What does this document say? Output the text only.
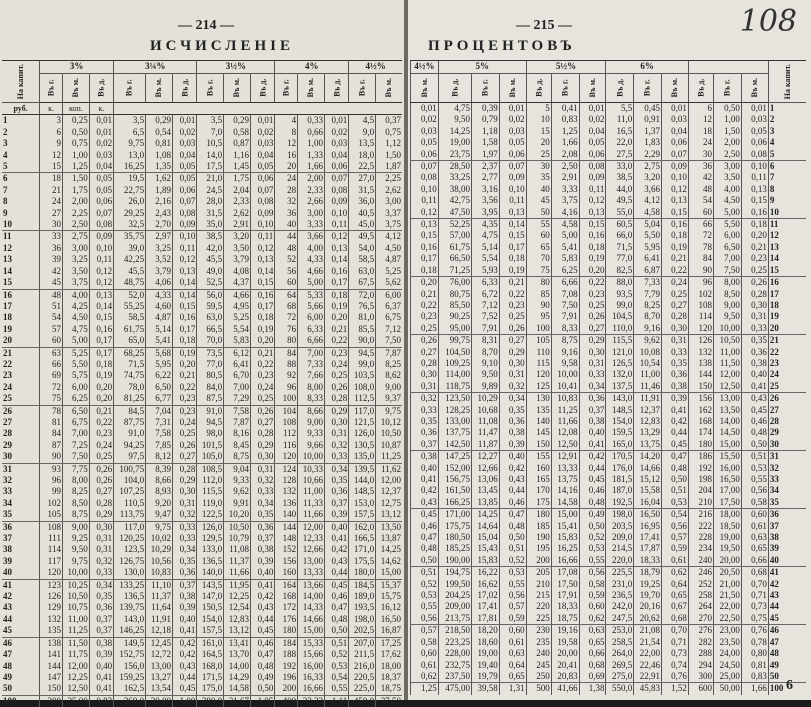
— 214 —
ИСЧИСЛЕНІЕ
На капит.	3%			3¼%			3½%			4%			4½%	
	Въ г.	Въ м.	Въ д.	Въ г.	Въ м.	Въ д.	Въ г.	Въ м.	Въ д.	Въ г.	Въ м.	Въ д.	Въ г.	Въ м.
руб.	к.	коп.	к.											
1	3	0,25	0,01	3,5	0,29	0,01	3,5	0,29	0,01	4	0,33	0,01	4,5	0,37
2	6	0,50	0,01	6,5	0,54	0,02	7,0	0,58	0,02	8	0,66	0,02	9,0	0,75
3	9	0,75	0,02	9,75	0,81	0,03	10,5	0,87	0,03	12	1,00	0,03	13,5	1,12
4	12	1,00	0,03	13,0	1,08	0,04	14,0	1,16	0,04	16	1,33	0,04	18,0	1,50
5	15	1,25	0,04	16,25	1,35	0,05	17,5	1,45	0,05	20	1,66	0,06	22,5	1,87
6	18	1,50	0,05	19,5	1,62	0,05	21,0	1,75	0,06	24	2,00	0,07	27,0	2,25
7	21	1,75	0,05	22,75	1,89	0,06	24,5	2,04	0,07	28	2,33	0,08	31,5	2,62
8	24	2,00	0,06	26,0	2,16	0,07	28,0	2,33	0,08	32	2,66	0,09	36,0	3,00
9	27	2,25	0,07	29,25	2,43	0,08	31,5	2,62	0,09	36	3,00	0,10	40,5	3,37
10	30	2,50	0,08	32,5	2,70	0,09	35,0	2,91	0,10	40	3,33	0,11	45,0	3,75
11	33	2,75	0,09	35,75	2,97	0,10	38,5	3,20	0,11	44	3,66	0,12	49,5	4,12
12	36	3,00	0,10	39,0	3,25	0,11	42,0	3,50	0,12	48	4,00	0,13	54,0	4,50
13	39	3,25	0,11	42,25	3,52	0,12	45,5	3,79	0,13	52	4,33	0,14	58,5	4,87
14	42	3,50	0,12	45,5	3,79	0,13	49,0	4,08	0,14	56	4,66	0,16	63,0	5,25
15	45	3,75	0,12	48,75	4,06	0,14	52,5	4,37	0,15	60	5,00	0,17	67,5	5,62
16	48	4,00	0,13	52,0	4,33	0,14	56,0	4,66	0,16	64	5,33	0,18	72,0	6,00
17	51	4,25	0,14	55,25	4,60	0,15	59,5	4,95	0,17	68	5,66	0,19	76,5	6,37
18	54	4,50	0,15	58,5	4,87	0,16	63,0	5,25	0,18	72	6,00	0,20	81,0	6,75
19	57	4,75	0,16	61,75	5,14	0,17	66,5	5,54	0,19	76	6,33	0,21	85,5	7,12
20	60	5,00	0,17	65,0	5,41	0,18	70,0	5,83	0,20	80	6,66	0,22	90,0	7,50
21	63	5,25	0,17	68,25	5,68	0,19	73,5	6,12	0,21	84	7,00	0,23	94,5	7,87
22	66	5,50	0,18	71,5	5,95	0,20	77,0	6,41	0,22	88	7,33	0,24	99,0	8,25
23	69	5,75	0,19	74,75	6,22	0,21	80,5	6,70	0,23	92	7,66	0,25	103,5	8,62
24	72	6,00	0,20	78,0	6,50	0,22	84,0	7,00	0,24	96	8,00	0,26	108,0	9,00
25	75	6,25	0,20	81,25	6,77	0,23	87,5	7,29	0,25	100	8,33	0,28	112,5	9,37
26	78	6,50	0,21	84,5	7,04	0,23	91,0	7,58	0,26	104	8,66	0,29	117,0	9,75
27	81	6,75	0,22	87,75	7,31	0,24	94,5	7,87	0,27	108	9,00	0,30	121,5	10,12
28	84	7,00	0,23	91,0	7,58	0,25	98,0	8,16	0,28	112	9,33	0,31	126,0	10,50
29	87	7,25	0,24	94,25	7,85	0,26	101,5	8,45	0,29	116	9,66	0,32	130,5	10,87
30	90	7,50	0,25	97,5	8,12	0,27	105,0	8,75	0,30	120	10,00	0,33	135,0	11,25
31	93	7,75	0,26	100,75	8,39	0,28	108,5	9,04	0,31	124	10,33	0,34	139,5	11,62
32	96	8,00	0,26	104,0	8,66	0,29	112,0	9,33	0,32	128	10,66	0,35	144,0	12,00
33	99	8,25	0,27	107,25	8,93	0,30	115,5	9,62	0,33	132	11,00	0,36	148,5	12,37
34	102	8,50	0,28	110,5	9,20	0,31	119,0	9,91	0,34	136	11,33	0,37	153,0	12,75
35	105	8,75	0,29	113,75	9,47	0,32	122,5	10,20	0,35	140	11,66	0,39	157,5	13,12
36	108	9,00	0,30	117,0	9,75	0,33	126,0	10,50	0,36	144	12,00	0,40	162,0	13,50
37	111	9,25	0,31	120,25	10,02	0,33	129,5	10,79	0,37	148	12,33	0,41	166,5	13,87
38	114	9,50	0,31	123,5	10,29	0,34	133,0	11,08	0,38	152	12,66	0,42	171,0	14,25
39	117	9,75	0,32	126,75	10,56	0,35	136,5	11,37	0,39	156	13,00	0,43	175,5	14,62
40	120	10,00	0,33	130,0	10,83	0,36	140,0	11,66	0,40	160	13,33	0,44	180,0	15,00
41	123	10,25	0,34	133,25	11,10	0,37	143,5	11,95	0,41	164	13,66	0,45	184,5	15,37
42	126	10,50	0,35	136,5	11,37	0,38	147,0	12,25	0,42	168	14,00	0,46	189,0	15,75
43	129	10,75	0,36	139,75	11,64	0,39	150,5	12,54	0,43	172	14,33	0,47	193,5	16,12
44	132	11,00	0,37	143,0	11,91	0,40	154,0	12,83	0,44	176	14,66	0,48	198,0	16,50
45	135	11,25	0,37	146,25	12,18	0,41	157,5	13,12	0,45	180	15,00	0,50	202,5	16,87
46	138	11,50	0,38	149,5	12,45	0,42	161,0	13,41	0,46	184	15,33	0,51	207,0	17,25
47	141	11,75	0,39	152,75	12,72	0,42	164,5	13,70	0,47	188	15,66	0,52	211,5	17,62
48	144	12,00	0,40	156,0	13,00	0,43	168,0	14,00	0,48	192	16,00	0,53	216,0	18,00
49	147	12,25	0,41	159,25	13,27	0,44	171,5	14,29	0,49	196	16,33	0,54	220,5	18,37
50	150	12,50	0,41	162,5	13,54	0,45	175,0	14,58	0,50	200	16,66	0,55	225,0	18,75
100	300	25,00	0,83	360,0	30,00	1,00	380,0	31,67	1,05	400	33,33	1,11	450,0	37,50
— 215 —
ПРОЦЕНТОВЪ
108
4½%	5%			5½%			6%						На капит.
Въ м.	Въ д.	Въ г.	Въ м.	Въ д.	Въ г.	Въ м.	Въ д.	Въ г.	Въ м.	Въ д.	Въ г.	Въ м.	
0,01	4,75	0,39	0,01	5	0,41	0,01	5,5	0,45	0,01	6	0,50	0,01	1
0,02	9,50	0,79	0,02	10	0,83	0,02	11,0	0,91	0,03	12	1,00	0,03	2
0,03	14,25	1,18	0,03	15	1,25	0,04	16,5	1,37	0,04	18	1,50	0,05	3
0,05	19,00	1,58	0,05	20	1,66	0,05	22,0	1,83	0,06	24	2,00	0,06	4
0,06	23,75	1,97	0,06	25	2,08	0,06	27,5	2,29	0,07	30	2,50	0,08	5
0,07	28,50	2,37	0,07	30	2,50	0,08	33,0	2,75	0,09	36	3,00	0,10	6
0,08	33,25	2,77	0,09	35	2,91	0,09	38,5	3,20	0,10	42	3,50	0,11	7
0,10	38,00	3,16	0,10	40	3,33	0,11	44,0	3,66	0,12	48	4,00	0,13	8
0,11	42,75	3,56	0,11	45	3,75	0,12	49,5	4,12	0,13	54	4,50	0,15	9
0,12	47,50	3,95	0,13	50	4,16	0,13	55,0	4,58	0,15	60	5,00	0,16	10
0,13	52,25	4,35	0,14	55	4,58	0,15	60,5	5,04	0,16	66	5,50	0,18	11
0,15	57,00	4,75	0,15	60	5,00	0,16	66,0	5,50	0,18	72	6,00	0,20	12
0,16	61,75	5,14	0,17	65	5,41	0,18	71,5	5,95	0,19	78	6,50	0,21	13
0,17	66,50	5,54	0,18	70	5,83	0,19	77,0	6,41	0,21	84	7,00	0,23	14
0,18	71,25	5,93	0,19	75	6,25	0,20	82,5	6,87	0,22	90	7,50	0,25	15
0,20	76,00	6,33	0,21	80	6,66	0,22	88,0	7,33	0,24	96	8,00	0,26	16
0,21	80,75	6,72	0,22	85	7,08	0,23	93,5	7,79	0,25	102	8,50	0,28	17
0,22	85,50	7,12	0,23	90	7,50	0,25	99,0	8,25	0,27	108	9,00	0,30	18
0,23	90,25	7,52	0,25	95	7,91	0,26	104,5	8,70	0,28	114	9,50	0,31	19
0,25	95,00	7,91	0,26	100	8,33	0,27	110,0	9,16	0,30	120	10,00	0,33	20
0,26	99,75	8,31	0,27	105	8,75	0,29	115,5	9,62	0,31	126	10,50	0,35	21
0,27	104,50	8,70	0,29	110	9,16	0,30	121,0	10,08	0,33	132	11,00	0,36	22
0,28	109,25	9,10	0,30	115	9,58	0,31	126,5	10,54	0,35	138	11,50	0,38	23
0,30	114,00	9,50	0,31	120	10,00	0,33	132,0	11,00	0,36	144	12,00	0,40	24
0,31	118,75	9,89	0,32	125	10,41	0,34	137,5	11,46	0,38	150	12,50	0,41	25
0,32	123,50	10,29	0,34	130	10,83	0,36	143,0	11,91	0,39	156	13,00	0,43	26
0,33	128,25	10,68	0,35	135	11,25	0,37	148,5	12,37	0,41	162	13,50	0,45	27
0,35	133,00	11,08	0,36	140	11,66	0,38	154,0	12,83	0,42	168	14,00	0,46	28
0,36	137,75	11,47	0,38	145	12,08	0,40	159,5	13,29	0,44	174	14,50	0,48	29
0,37	142,50	11,87	0,39	150	12,50	0,41	165,0	13,75	0,45	180	15,00	0,50	30
0,38	147,25	12,27	0,40	155	12,91	0,42	170,5	14,20	0,47	186	15,50	0,51	31
0,40	152,00	12,66	0,42	160	13,33	0,44	176,0	14,66	0,48	192	16,00	0,53	32
0,41	156,75	13,06	0,43	165	13,75	0,45	181,5	15,12	0,50	198	16,50	0,55	33
0,42	161,50	13,45	0,44	170	14,16	0,46	187,0	15,58	0,51	204	17,00	0,56	34
0,43	166,25	13,85	0,46	175	14,58	0,48	192,5	16,04	0,53	210	17,50	0,58	35
0,45	171,00	14,25	0,47	180	15,00	0,49	198,0	16,50	0,54	216	18,00	0,60	36
0,46	175,75	14,64	0,48	185	15,41	0,50	203,5	16,95	0,56	222	18,50	0,61	37
0,47	180,50	15,04	0,50	190	15,83	0,52	209,0	17,41	0,57	228	19,00	0,63	38
0,48	185,25	15,43	0,51	195	16,25	0,53	214,5	17,87	0,59	234	19,50	0,65	39
0,50	190,00	15,83	0,52	200	16,66	0,55	220,0	18,33	0,61	240	20,00	0,66	40
0,51	194,75	16,22	0,53	205	17,08	0,56	225,5	18,79	0,62	246	20,50	0,68	41
0,52	199,50	16,62	0,55	210	17,50	0,58	231,0	19,25	0,64	252	21,00	0,70	42
0,53	204,25	17,02	0,56	215	17,91	0,59	236,5	19,70	0,65	258	21,50	0,71	43
0,55	209,00	17,41	0,57	220	18,33	0,60	242,0	20,16	0,67	264	22,00	0,73	44
0,56	213,75	17,81	0,59	225	18,75	0,62	247,5	20,62	0,68	270	22,50	0,75	45
0,57	218,50	18,20	0,60	230	19,16	0,63	253,0	21,08	0,70	276	23,00	0,76	46
0,58	223,25	18,60	0,61	235	19,58	0,65	258,5	21,54	0,71	282	23,50	0,78	47
0,60	228,00	19,00	0,63	240	20,00	0,66	264,0	22,00	0,73	288	24,00	0,80	48
0,61	232,75	19,40	0,64	245	20,41	0,68	269,5	22,46	0,74	294	24,50	0,81	49
0,62	237,50	19,79	0,65	250	20,83	0,69	275,0	22,91	0,76	300	25,00	0,83	50
1,25	475,00	39,58	1,31	500	41,66	1,38	550,0	45,83	1,52	600	50,00	1,66	100 6
